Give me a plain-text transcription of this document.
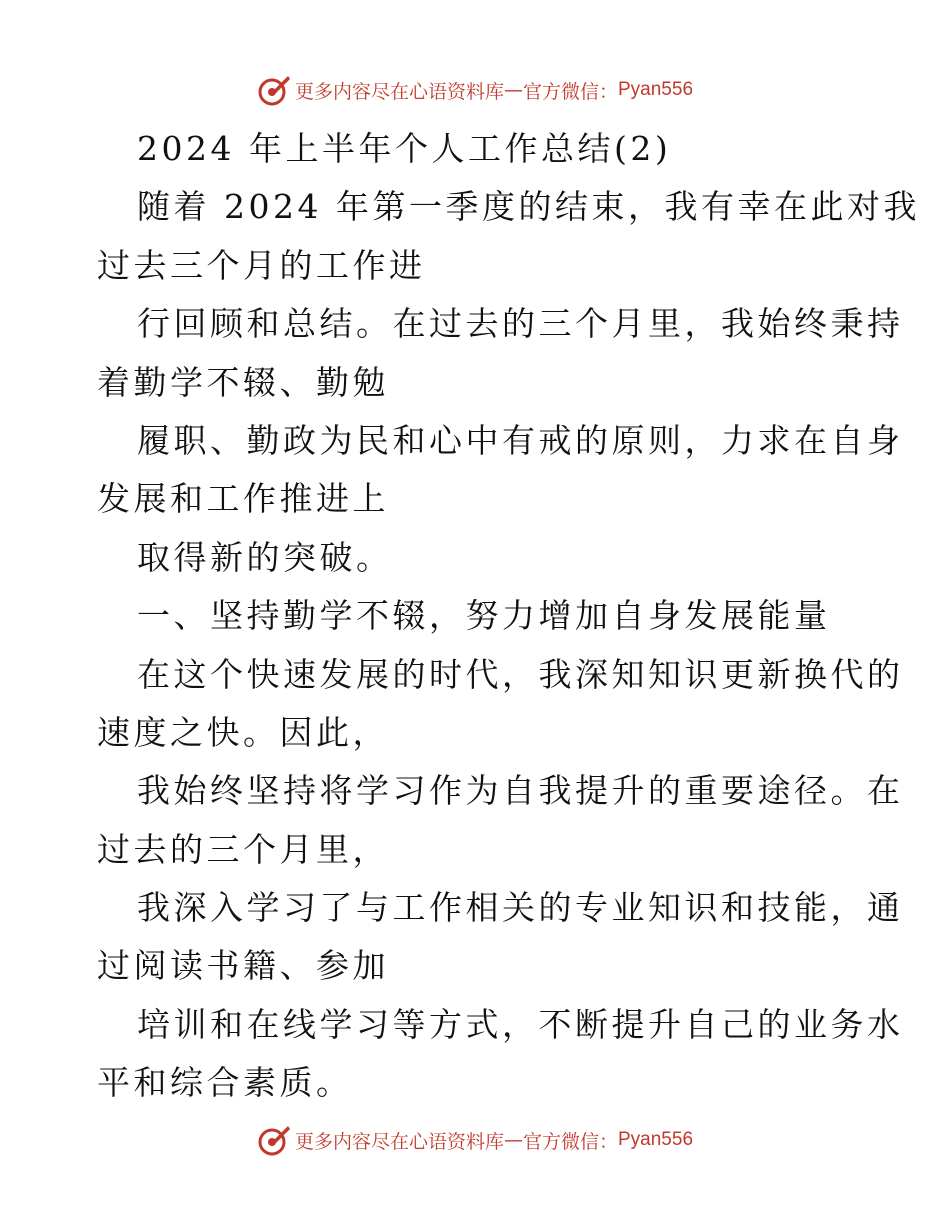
更多内容尽在心语资料库 — 官方微信： Pyan556
2024 年上半年个人工作总结(2)
随着 2024 年第一季度的结束，我有幸在此对我
过去三个月的工作进
行回顾和总结。在过去的三个月里，我始终秉持
着勤学不辍、勤勉
履职、勤政为民和心中有戒的原则，力求在自身
发展和工作推进上
取得新的突破。
一、坚持勤学不辍，努力增加自身发展能量
在这个快速发展的时代，我深知知识更新换代的
速度之快。因此，
我始终坚持将学习作为自我提升的重要途径。在
过去的三个月里，
我深入学习了与工作相关的专业知识和技能，通
过阅读书籍、参加
培训和在线学习等方式，不断提升自己的业务水
平和综合素质。
更多内容尽在心语资料库 — 官方微信： Pyan556
